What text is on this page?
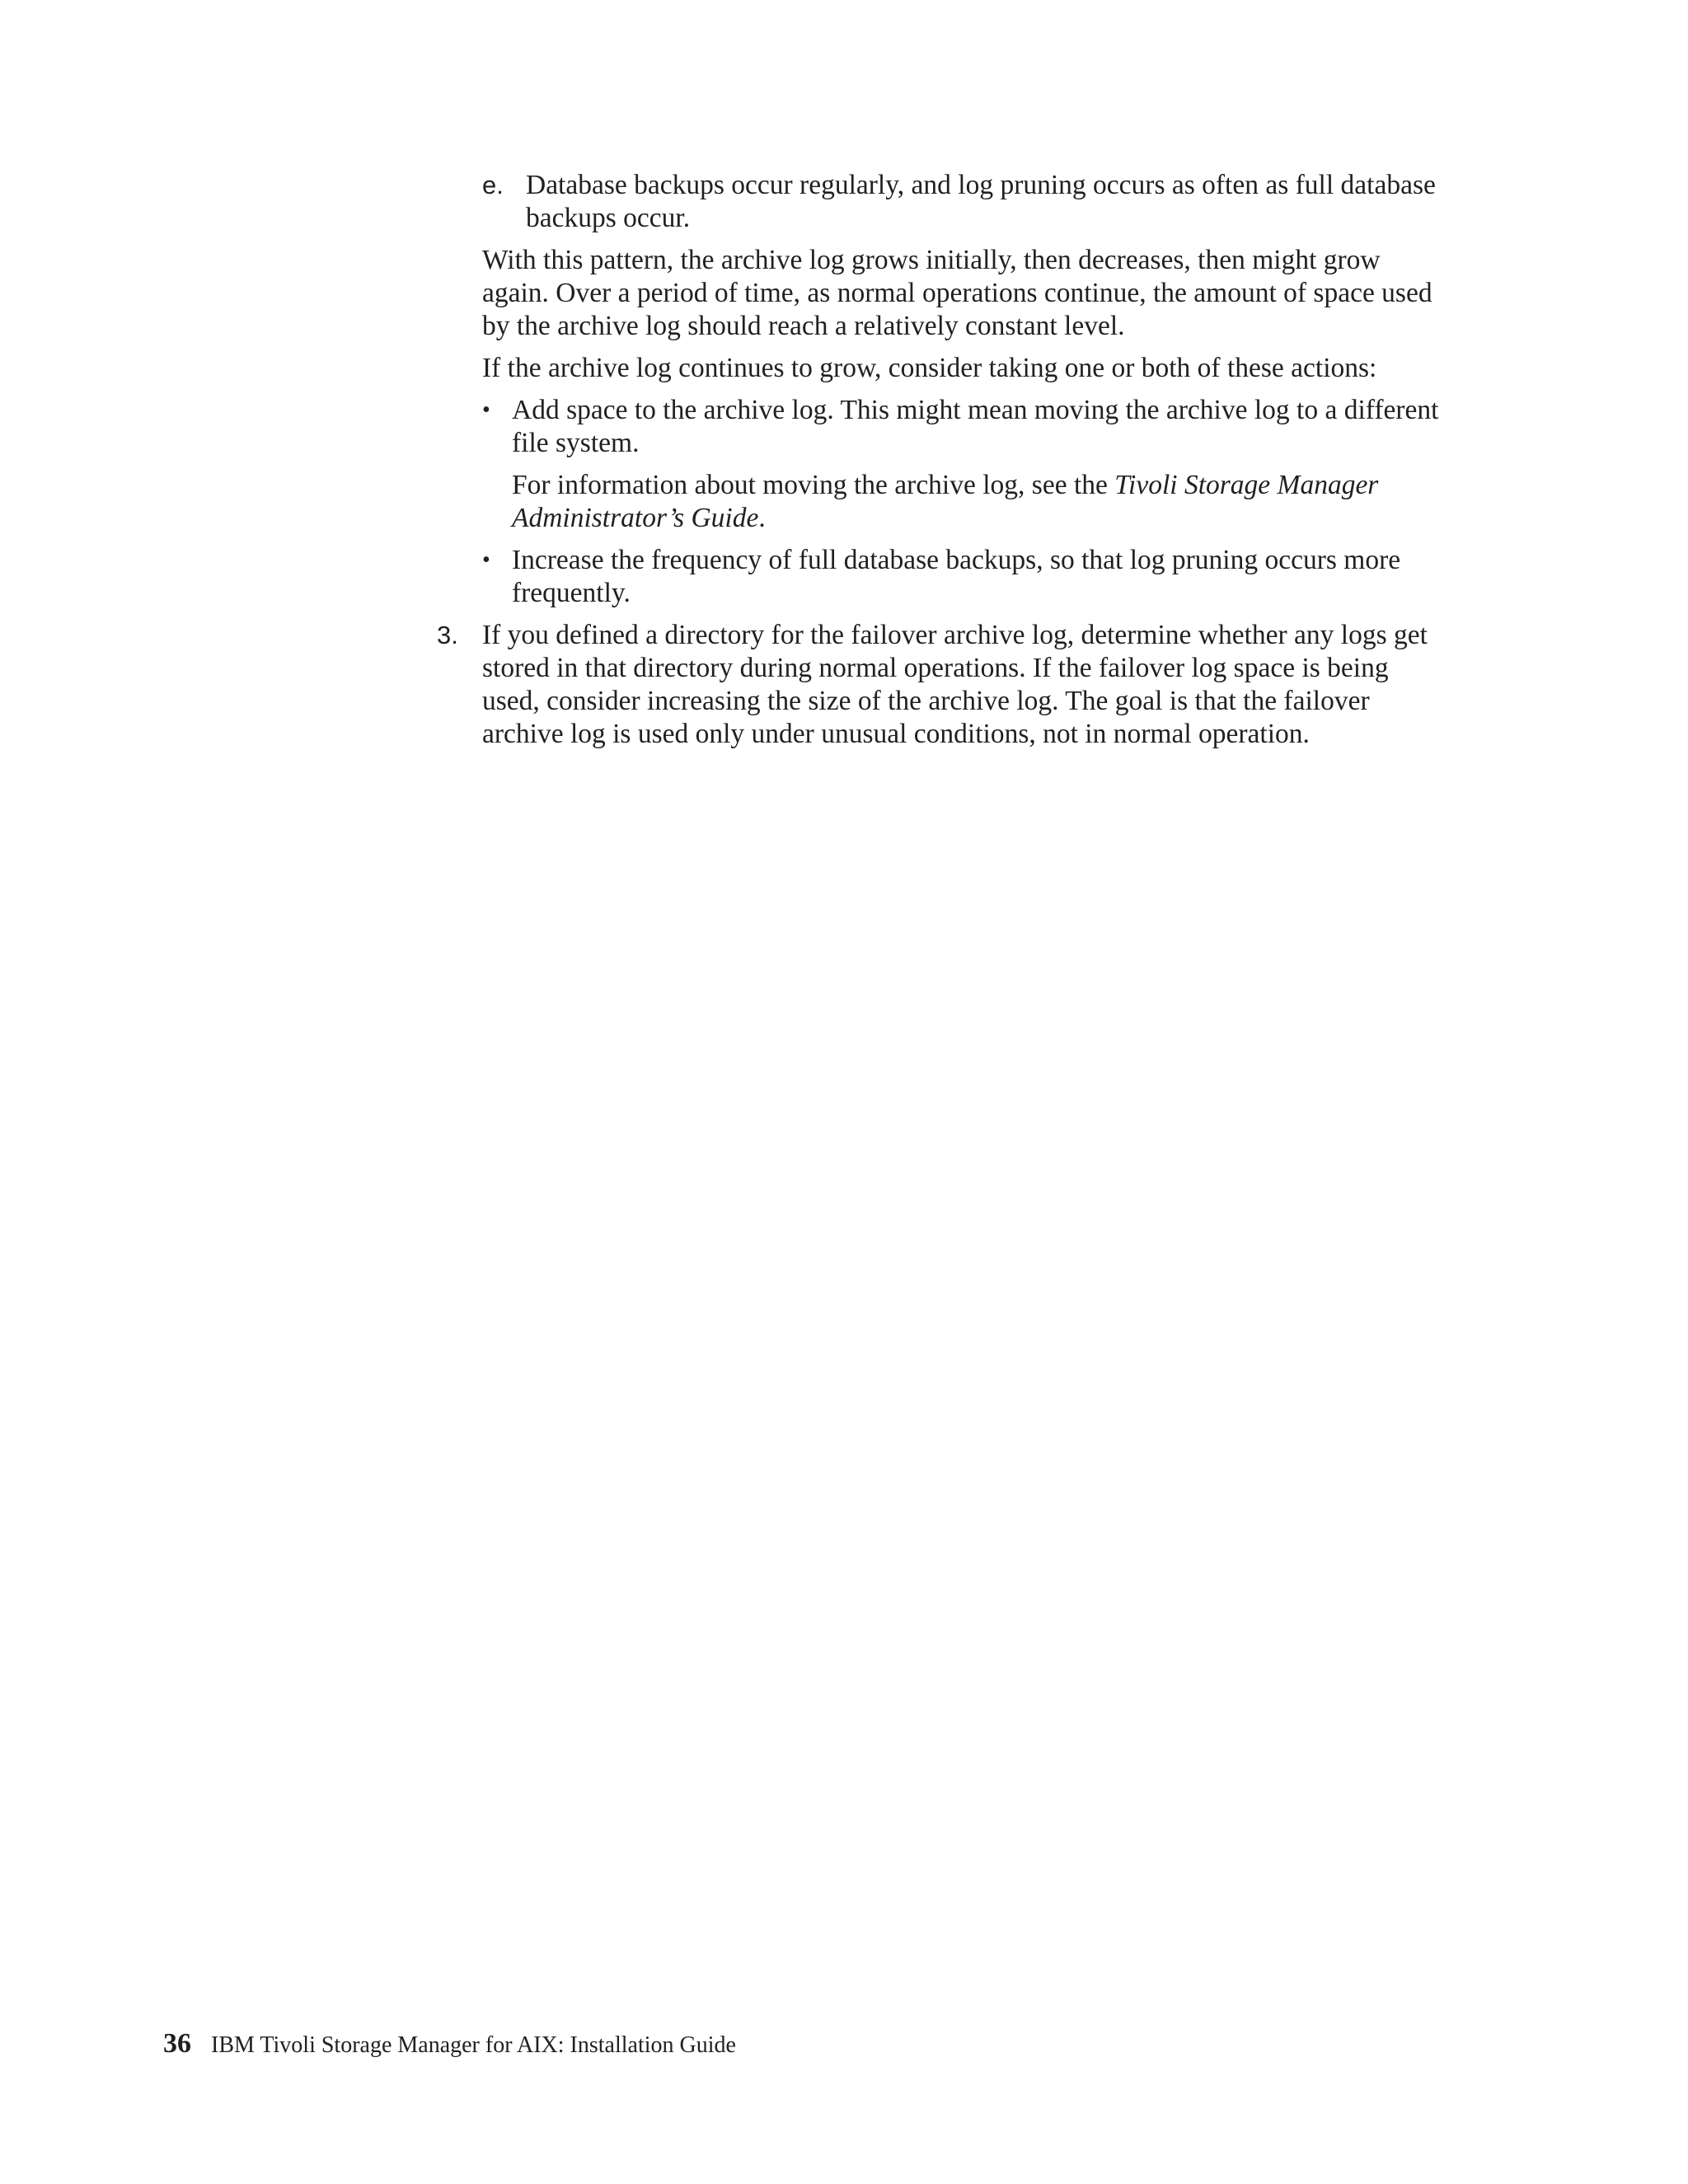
e. Database backups occur regularly, and log pruning occurs as often as full database backups occur.

With this pattern, the archive log grows initially, then decreases, then might grow again. Over a period of time, as normal operations continue, the amount of space used by the archive log should reach a relatively constant level.

If the archive log continues to grow, consider taking one or both of these actions:

• Add space to the archive log. This might mean moving the archive log to a different file system.

For information about moving the archive log, see the Tivoli Storage Manager Administrator’s Guide.

• Increase the frequency of full database backups, so that log pruning occurs more frequently.

3. If you defined a directory for the failover archive log, determine whether any logs get stored in that directory during normal operations. If the failover log space is being used, consider increasing the size of the archive log. The goal is that the failover archive log is used only under unusual conditions, not in normal operation.

36 IBM Tivoli Storage Manager for AIX: Installation Guide
